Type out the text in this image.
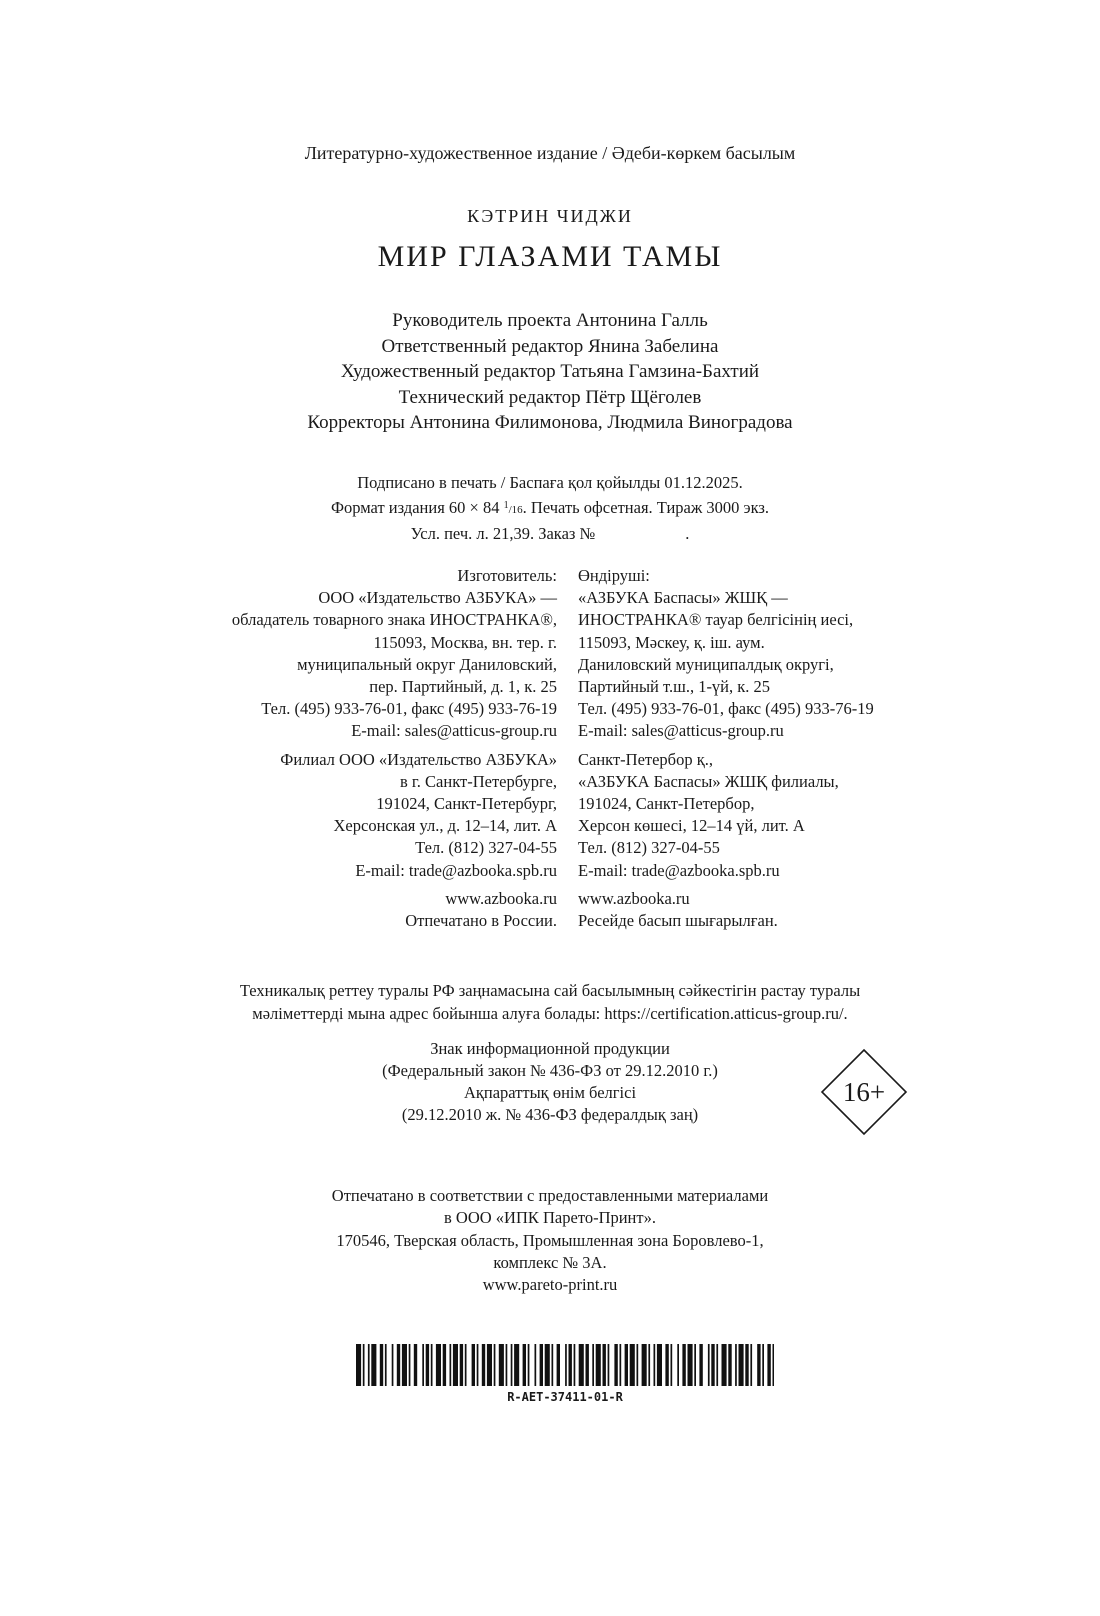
Литературно-художественное издание / Әдеби-көркем басылым
КЭТРИН ЧИДЖИ
МИР ГЛАЗАМИ ТАМЫ
Руководитель проекта Антонина Галль
Ответственный редактор Янина Забелина
Художественный редактор Татьяна Гамзина-Бахтий
Технический редактор Пётр Щёголев
Корректоры Антонина Филимонова, Людмила Виноградова
Подписано в печать / Баспаға қол қойылды 01.12.2025.
Формат издания 60 × 84 $^1$/16. Печать офсетная. Тираж 3000 экз.
Усл. печ. л. 21,39. Заказ №	.
Изготовитель:
ООО «Издательство АЗБУКА» —
обладатель товарного знака ИНОСТРАНКА®,
115093, Москва, вн. тер. г.
муниципальный округ Даниловский,
пер. Партийный, д. 1, к. 25
Тел. (495) 933-76-01, факс (495) 933-76-19
E-mail: sales@atticus-group.ru
Филиал ООО «Издательство АЗБУКА»
в г. Санкт-Петербурге,
191024, Санкт-Петербург,
Херсонская ул., д. 12–14, лит. А
Тел. (812) 327-04-55
E-mail: trade@azbooka.spb.ru
www.azbooka.ru
Отпечатано в России.
Өндіруші:
«АЗБУКА Баспасы» ЖШҚ —
ИНОСТРАНКА® тауар белгісінің иесі,
115093, Мәскеу, қ. іш. аум.
Даниловский муниципалдық округі,
Партийный т.ш., 1-үй, к. 25
Тел. (495) 933-76-01, факс (495) 933-76-19
E-mail: sales@atticus-group.ru
Санкт-Петербор қ.,
«АЗБУКА Баспасы» ЖШҚ филиалы,
191024, Санкт-Петербор,
Херсон көшесі, 12–14 үй, лит. А
Тел. (812) 327-04-55
E-mail: trade@azbooka.spb.ru
www.azbooka.ru
Ресейде басып шығарылған.
Техникалық реттеу туралы РФ заңнамасына сай басылымның сәйкестігін растау туралы
мәліметтерді мына адрес бойынша алуға болады: https://certification.atticus-group.ru/.
Знак информационной продукции
(Федеральный закон № 436-ФЗ от 29.12.2010 г.)
Ақпараттық өнім белгісі
(29.12.2010 ж. № 436-ФЗ федералдық заң)
16+
Отпечатано в соответствии с предоставленными материалами
в ООО «ИПК Парето-Принт».
170546, Тверская область, Промышленная зона Боровлево-1,
комплекс № 3А.
www.pareto-print.ru
R-AET-37411-01-R
